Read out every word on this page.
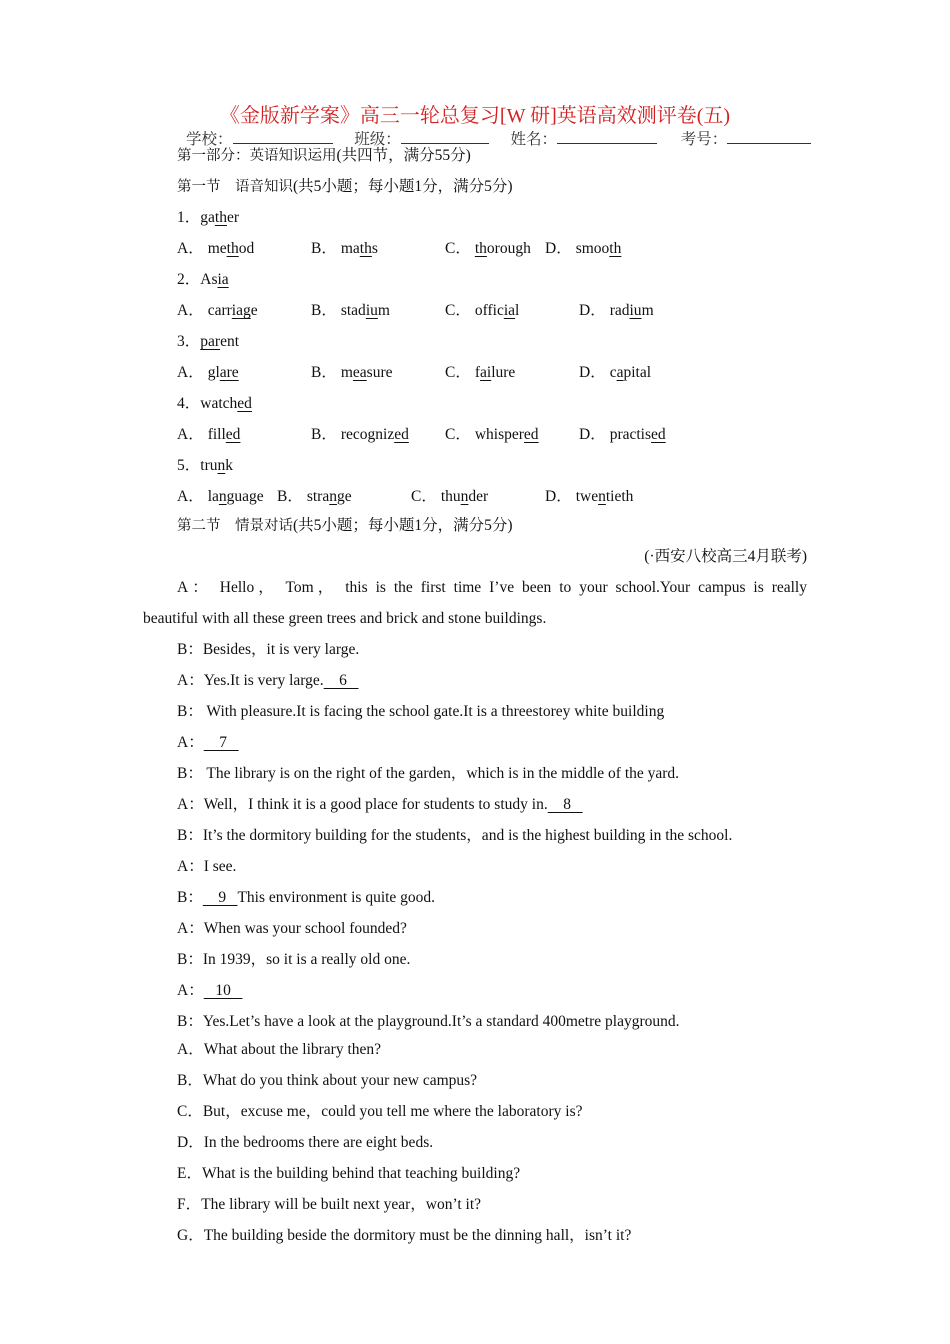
《金版新学案》高三一轮总复习[W 研]英语高效测评卷(五)
学校：	班级：	姓名：	考号：
第一部分：英语知识运用(共四节，满分55分)
第一节　语音知识(共5小题；每小题1分，满分5分)
1．gather
A． method	B． maths	C． thorough D． smooth
2．Asia
A． carriage	B． stadium	C． official	D． radium
3．parent
A． glare	B． measure	C． failure	D． capital
4．watched
A． filled	B． recognized C． whispered	D． practised
5．trunk
A． language B． strange	C． thunder	D． twentieth
第二节　情景对话(共5小题；每小题1分，满分5分)
(·西安八校高三4月联考)
A： Hello， Tom， this is the first time I’ve been to your school.Your campus is really
beautiful with all these green trees and brick and stone buildings.
B：Besides，it is very large.
A：Yes.It is very large.    6
B： With pleasure.It is facing the school gate.It is a threestorey white building
A：    7
B： The library is on the right of the garden，which is in the middle of the yard.
A：Well，I think it is a good place for students to study in.    8
B：It’s the dormitory building for the students，and is the highest building in the school.
A：I see.
B：    9   This environment is quite good.
A：When was your school founded?
B：In 1939，so it is a really old one.
A：   10
B：Yes.Let’s have a look at the playground.It’s a standard 400metre playground.
A．What about the library then?
B．What do you think about your new campus?
C．But，excuse me，could you tell me where the laboratory is?
D．In the bedrooms there are eight beds.
E．What is the building behind that teaching building?
F．The library will be built next year，won’t it?
G．The building beside the dormitory must be the dinning hall，isn’t it?
